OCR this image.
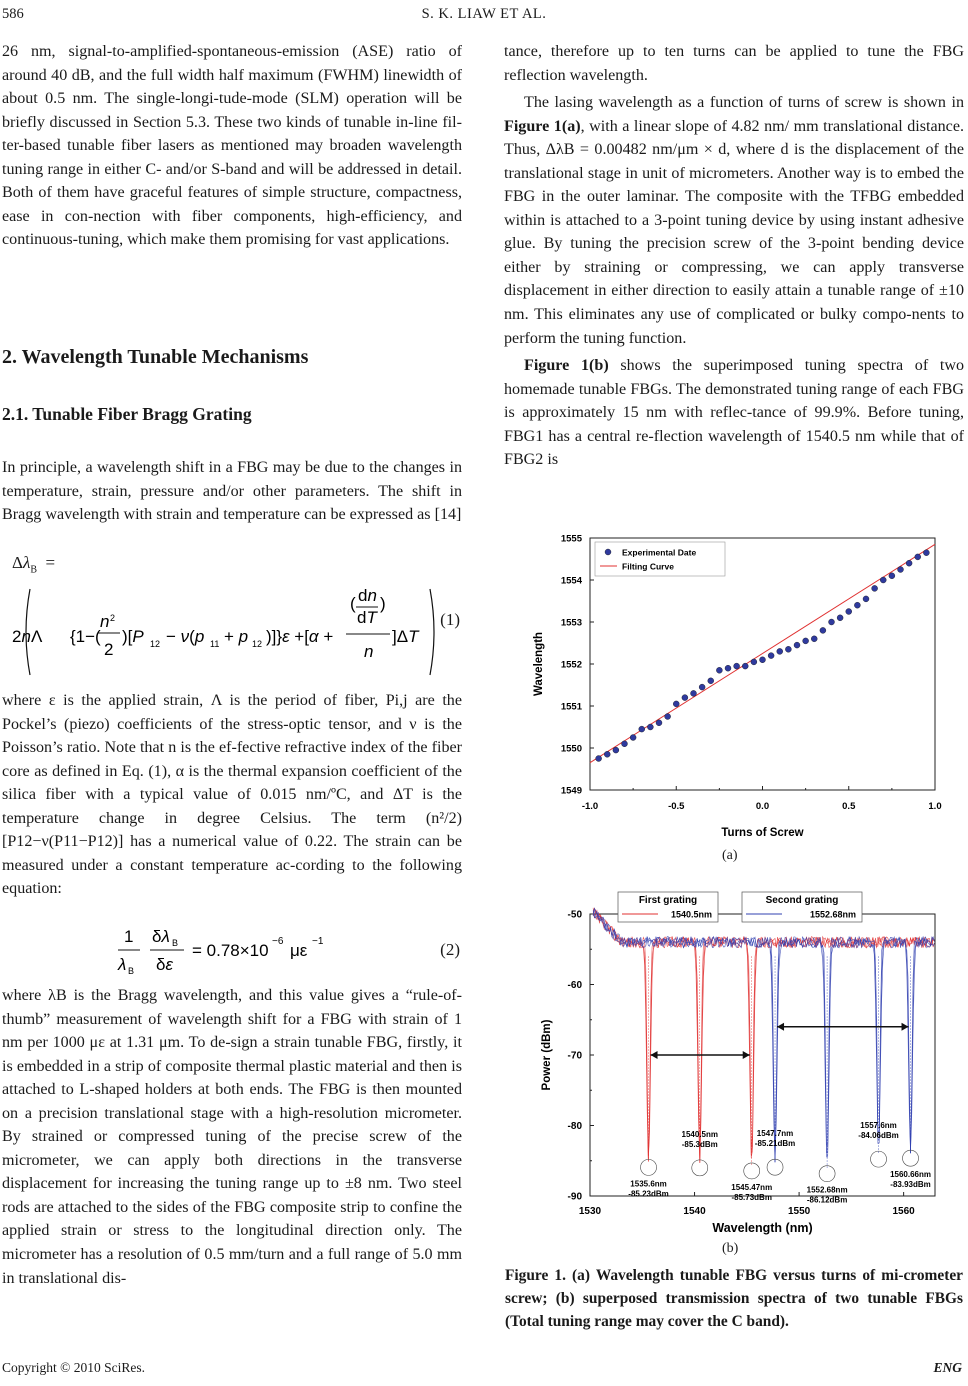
586	S. K. LIAW ET AL.

26 nm, signal-to-amplified-spontaneous-emission (ASE) ratio of around 40 dB, and the full width half maximum (FWHM) linewidth of about 0.5 nm. The single-longi-tude-mode (SLM) operation will be briefly discussed in Section 5.3. These two kinds of tunable in-line fil-ter-based tunable fiber lasers as mentioned may broaden wavelength tuning range in either C- and/or S-band and will be addressed in detail. Both of them have graceful features of simple structure, compactness, ease in con-nection with fiber components, high-efficiency, and continuous-tuning, which make them promising for vast applications.

2. Wavelength Tunable Mechanisms
2.1. Tunable Fiber Bragg Grating

In principle, a wavelength shift in a FBG may be due to the changes in temperature, strain, pressure and/or other parameters. The shift in Bragg wavelength with strain and temperature can be expressed as [14]

$\Delta\lambda_B$  =
2nΛ {1−(
2
n
2
)[P 12 − ν(p 11 + p 12 )]}ε +[α +
( dn
dT
)
n
]ΔT
(1)

where ε is the applied strain, Λ is the period of fiber, Pi,j are the Pockel’s (piezo) coefficients of the stress-optic tensor, and ν is the Poisson’s ratio. Note that n is the ef-fective refractive index of the fiber core as defined in Eq. (1), α is the thermal expansion coefficient of the silica fiber with a typical value of 0.015 nm/ºC, and ΔT is the temperature change in degree Celsius. The term (n²/2) [P12−ν(P11−P12)] has a numerical value of 0.22. The strain can be measured under a constant temperature ac-cording to the following equation:

1
λ B
δλ B
δε
= 0.78×10 −6 με −1	(2)

where λB is the Bragg wavelength, and this value gives a “rule-of-thumb” measurement of wavelength shift for a FBG with strain of 1 nm per 1000 με at 1.31 μm. To de-sign a strain tunable FBG, firstly, it is embedded in a strip of composite thermal plastic material and then is attached to L-shaped holders at both ends. The FBG is then mounted on a precision translational stage with a high-resolution micrometer. By strained or compressed tuning of the precise screw of the micrometer, we can apply both directions in the transverse displacement for increasing the tuning range up to ±8 nm. Two steel rods are attached to the sides of the FBG composite strip to confine the applied strain or stress to the longitudinal direction only. The micrometer has a resolution of 0.5 mm/turn and a full range of 5.0 mm in translational dis-

tance, therefore up to ten turns can be applied to tune the FBG reflection wavelength.

The lasing wavelength as a function of turns of screw is shown in Figure 1(a), with a linear slope of 4.82 nm/ mm translational distance. Thus, ΔλB = 0.00482 nm/μm × d, where d is the displacement of the translational stage in unit of micrometers. Another way is to embed the FBG in the outer laminar. The composite with the TFBG embedded within is attached to a 3-point tuning device by using instant adhesive glue. By tuning the precision screw of the 3-point bending device either by straining or compressing, we can apply transverse displacement in either direction to easily attain a tunable range of ±10 nm. This eliminates any use of complicated or bulky compo-nents to perform the tuning function.

Figure 1(b) shows the superimposed tuning spectra of two homemade tunable FBGs. The demonstrated tuning range of each FBG is approximately 15 nm with reflec-tance of 99.9%. Before tuning, FBG1 has a central re-flection wavelength of 1540.5 nm while that of FBG2 is

-1.0	-0.5	0.0	0.5	1.0
1549
1550
1551
1552
1553
1554
1555
Experimental Date
Filting Curve
Turns of Screw
Wavelength
(a)
1530	1540	1550	1560
-50
-60
-70
-80
-90
1535.6nm
-85.23dBm
1540.5nm
-85.3dBm
1545.47nm
-85.73dBm
1547.7nm
-85.21dBm
1552.68nm
-86.12dBm
1557.6nm
-84.06dBm
1560.66nm
-83.93dBm
First grating
1540.5nm
Second grating
1552.68nm
Wavelength (nm)
Power (dBm)
(b)
Figure 1. (a) Wavelength tunable FBG versus turns of mi-crometer screw; (b) superposed transmission spectra of two tunable FBGs (Total tuning range may cover the C band).
Copyright © 2010 SciRes.	ENG
